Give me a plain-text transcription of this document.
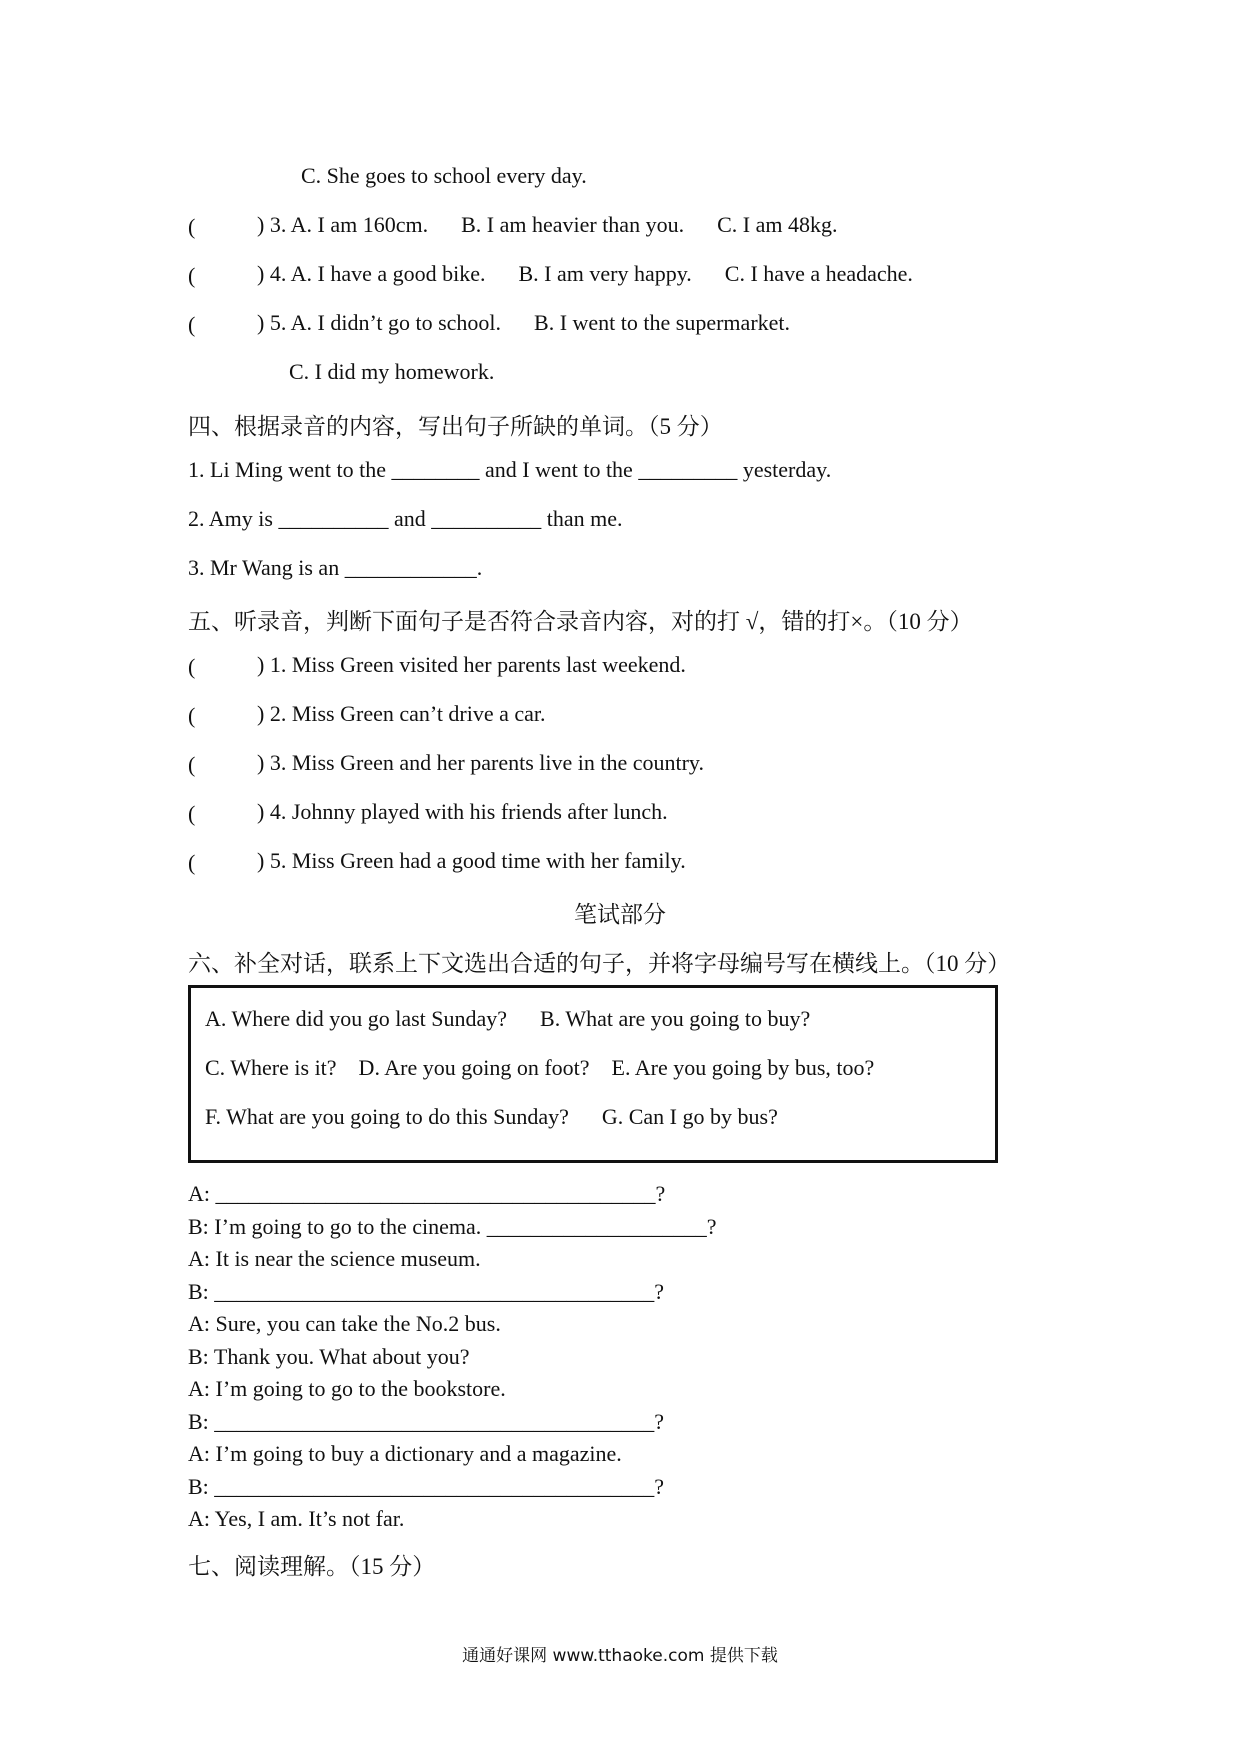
C. She goes to school every day.
(	) 3. A. I am 160cm.      B. I am heavier than you.      C. I am 48kg.
(	) 4. A. I have a good bike.      B. I am very happy.      C. I have a headache.
(	) 5. A. I didn’t go to school.      B. I went to the supermarket.
C. I did my homework.
四、根据录音的内容，写出句子所缺的单词。（5 分）
1. Li Ming went to the ________ and I went to the _________ yesterday.
2. Amy is __________ and __________ than me.
3. Mr Wang is an ____________.
五、听录音，判断下面句子是否符合录音内容，对的打 √，错的打×。（10 分）
(	) 1. Miss Green visited her parents last weekend.
(	) 2. Miss Green can’t drive a car.
(	) 3. Miss Green and her parents live in the country.
(	) 4. Johnny played with his friends after lunch.
(	) 5. Miss Green had a good time with her family.
笔试部分
六、补全对话，联系上下文选出合适的句子，并将字母编号写在横线上。（10 分）
A. Where did you go last Sunday?      B. What are you going to buy?
C. Where is it?    D. Are you going on foot?    E. Are you going by bus, too?
F. What are you going to do this Sunday?      G. Can I go by bus?
A: ________________________________________?
B: I’m going to go to the cinema. ____________________?
A: It is near the science museum.
B: ________________________________________?
A: Sure, you can take the No.2 bus.
B: Thank you. What about you?
A: I’m going to go to the bookstore.
B: ________________________________________?
A: I’m going to buy a dictionary and a magazine.
B: ________________________________________?
A: Yes, I am. It’s not far.
七、阅读理解。（15 分）
通通好课网 www.tthaoke.com 提供下载
